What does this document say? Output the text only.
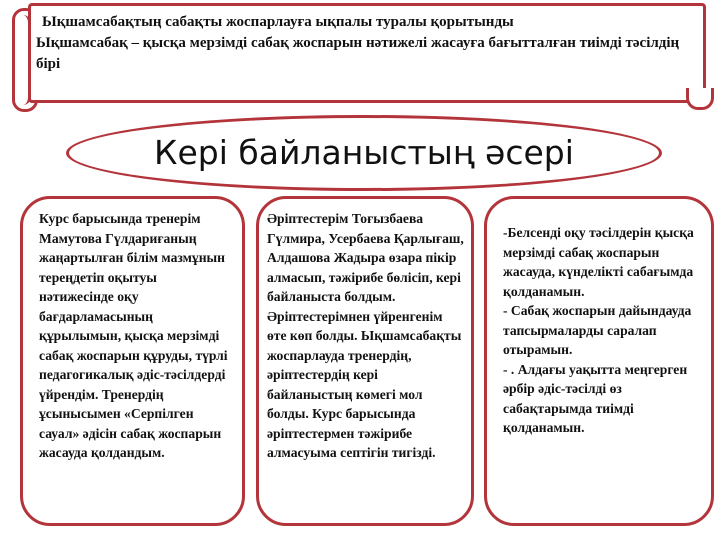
Ықшамсабақтың сабақты жоспарлауға ықпалы туралы қорытынды
Ықшамсабақ – қысқа мерзімді сабақ жоспарын нәтижелі жасауға бағытталған тиімді тәсілдің бірі
Кері байланыстың әсері

Курс барысында тренерім Мамутова Гүлдариғаның жаңартылған білім мазмұнын тереңдетіп оқытуы нәтижесінде оқу бағдарламасының құрылымын, қысқа мерзімді сабақ жоспарын құруды, түрлі педагогикалық әдіс-тәсілдерді үйрендім. Тренердің ұсынысымен «Серпілген сауал» әдісін сабақ жоспарын жасауда қолдандым.

Әріптестерім Тоғызбаева Гүлмира, Усербаева Қарлығаш, Алдашова Жадыра өзара пікір алмасып, тәжірибе бөлісіп, кері байланыста болдым. Әріптестерімнен үйренгенім өте көп болды. Ықшамсабақты жоспарлауда тренердің, әріптестердің кері байланыстың көмегі мол болды. Курс барысында әріптестермен тәжірибе алмасуыма септігін тигізді.

-Белсенді оқу тәсілдерін қысқа мерзімді сабақ жоспарын жасауда, күнделікті сабағымда қолданамын.

- Сабақ жоспарын дайындауда тапсырмаларды саралап отырамын.

- . Алдағы уақытта меңгерген әрбір әдіс-тәсілді өз сабақтарымда тиімді қолданамын.
